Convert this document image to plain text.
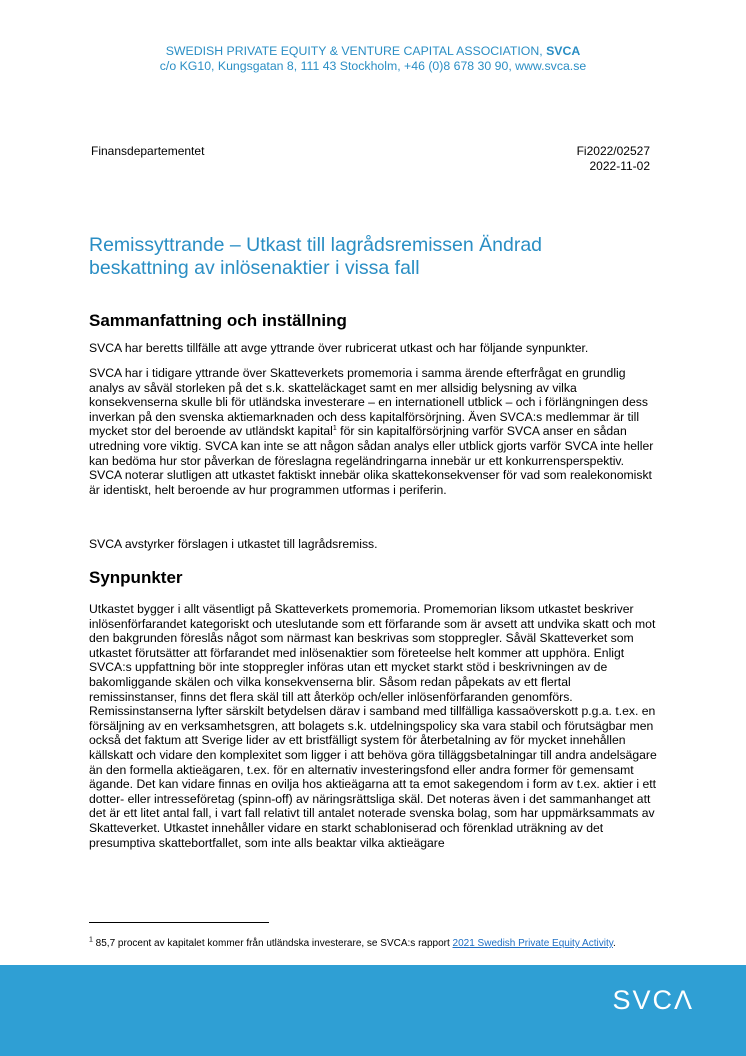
SWEDISH PRIVATE EQUITY & VENTURE CAPITAL ASSOCIATION, SVCA
c/o KG10, Kungsgatan 8, 111 43 Stockholm, +46 (0)8 678 30 90, www.svca.se
Finansdepartementet	Fi2022/02527
2022-11-02
Remissyttrande – Utkast till lagrådsremissen Ändrad beskattning av inlösenaktier i vissa fall
Sammanfattning och inställning

SVCA har beretts tillfälle att avge yttrande över rubricerat utkast och har följande synpunkter.

SVCA har i tidigare yttrande över Skatteverkets promemoria i samma ärende efterfrågat en grundlig analys av såväl storleken på det s.k. skatteläckaget samt en mer allsidig belysning av vilka konsekvenserna skulle bli för utländska investerare – en internationell utblick – och i förlängningen dess inverkan på den svenska aktiemarknaden och dess kapitalförsörjning. Även SVCA:s medlemmar är till mycket stor del beroende av utländskt kapital$^1$ för sin kapitalförsörjning varför SVCA anser en sådan utredning vore viktig. SVCA kan inte se att någon sådan analys eller utblick gjorts varför SVCA inte heller kan bedöma hur stor påverkan de föreslagna regeländringarna innebär ur ett konkurrensperspektiv. SVCA noterar slutligen att utkastet faktiskt innebär olika skattekonsekvenser för vad som realekonomiskt är identiskt, helt beroende av hur programmen utformas i periferin.

SVCA avstyrker förslagen i utkastet till lagrådsremiss.

Synpunkter

Utkastet bygger i allt väsentligt på Skatteverkets promemoria. Promemorian liksom utkastet beskriver inlösenförfarandet kategoriskt och uteslutande som ett förfarande som är avsett att undvika skatt och mot den bakgrunden föreslås något som närmast kan beskrivas som stoppregler. Såväl Skatteverket som utkastet förutsätter att förfarandet med inlösenaktier som företeelse helt kommer att upphöra. Enligt SVCA:s uppfattning bör inte stoppregler införas utan ett mycket starkt stöd i beskrivningen av de bakomliggande skälen och vilka konsekvenserna blir. Såsom redan påpekats av ett flertal remissinstanser, finns det flera skäl till att återköp och/eller inlösenförfaranden genomförs. Remissinstanserna lyfter särskilt betydelsen därav i samband med tillfälliga kassaöverskott p.g.a. t.ex. en försäljning av en verksamhetsgren, att bolagets s.k. utdelningspolicy ska vara stabil och förutsägbar men också det faktum att Sverige lider av ett bristfälligt system för återbetalning av för mycket innehållen källskatt och vidare den komplexitet som ligger i att behöva göra tilläggsbetalningar till andra andelsägare än den formella aktieägaren, t.ex. för en alternativ investeringsfond eller andra former för gemensamt ägande. Det kan vidare finnas en ovilja hos aktieägarna att ta emot sakegendom i form av t.ex. aktier i ett dotter- eller intresseföretag (spinn-off) av näringsrättsliga skäl. Det noteras även i det sammanhanget att det är ett litet antal fall, i vart fall relativt till antalet noterade svenska bolag, som har uppmärksammats av Skatteverket. Utkastet innehåller vidare en starkt schabloniserad och förenklad uträkning av det presumptiva skattebortfallet, som inte alls beaktar vilka aktieägare

$^1$ 85,7 procent av kapitalet kommer från utländska investerare, se SVCA:s rapport 2021 Swedish Private Equity Activity.
SVCΛ
